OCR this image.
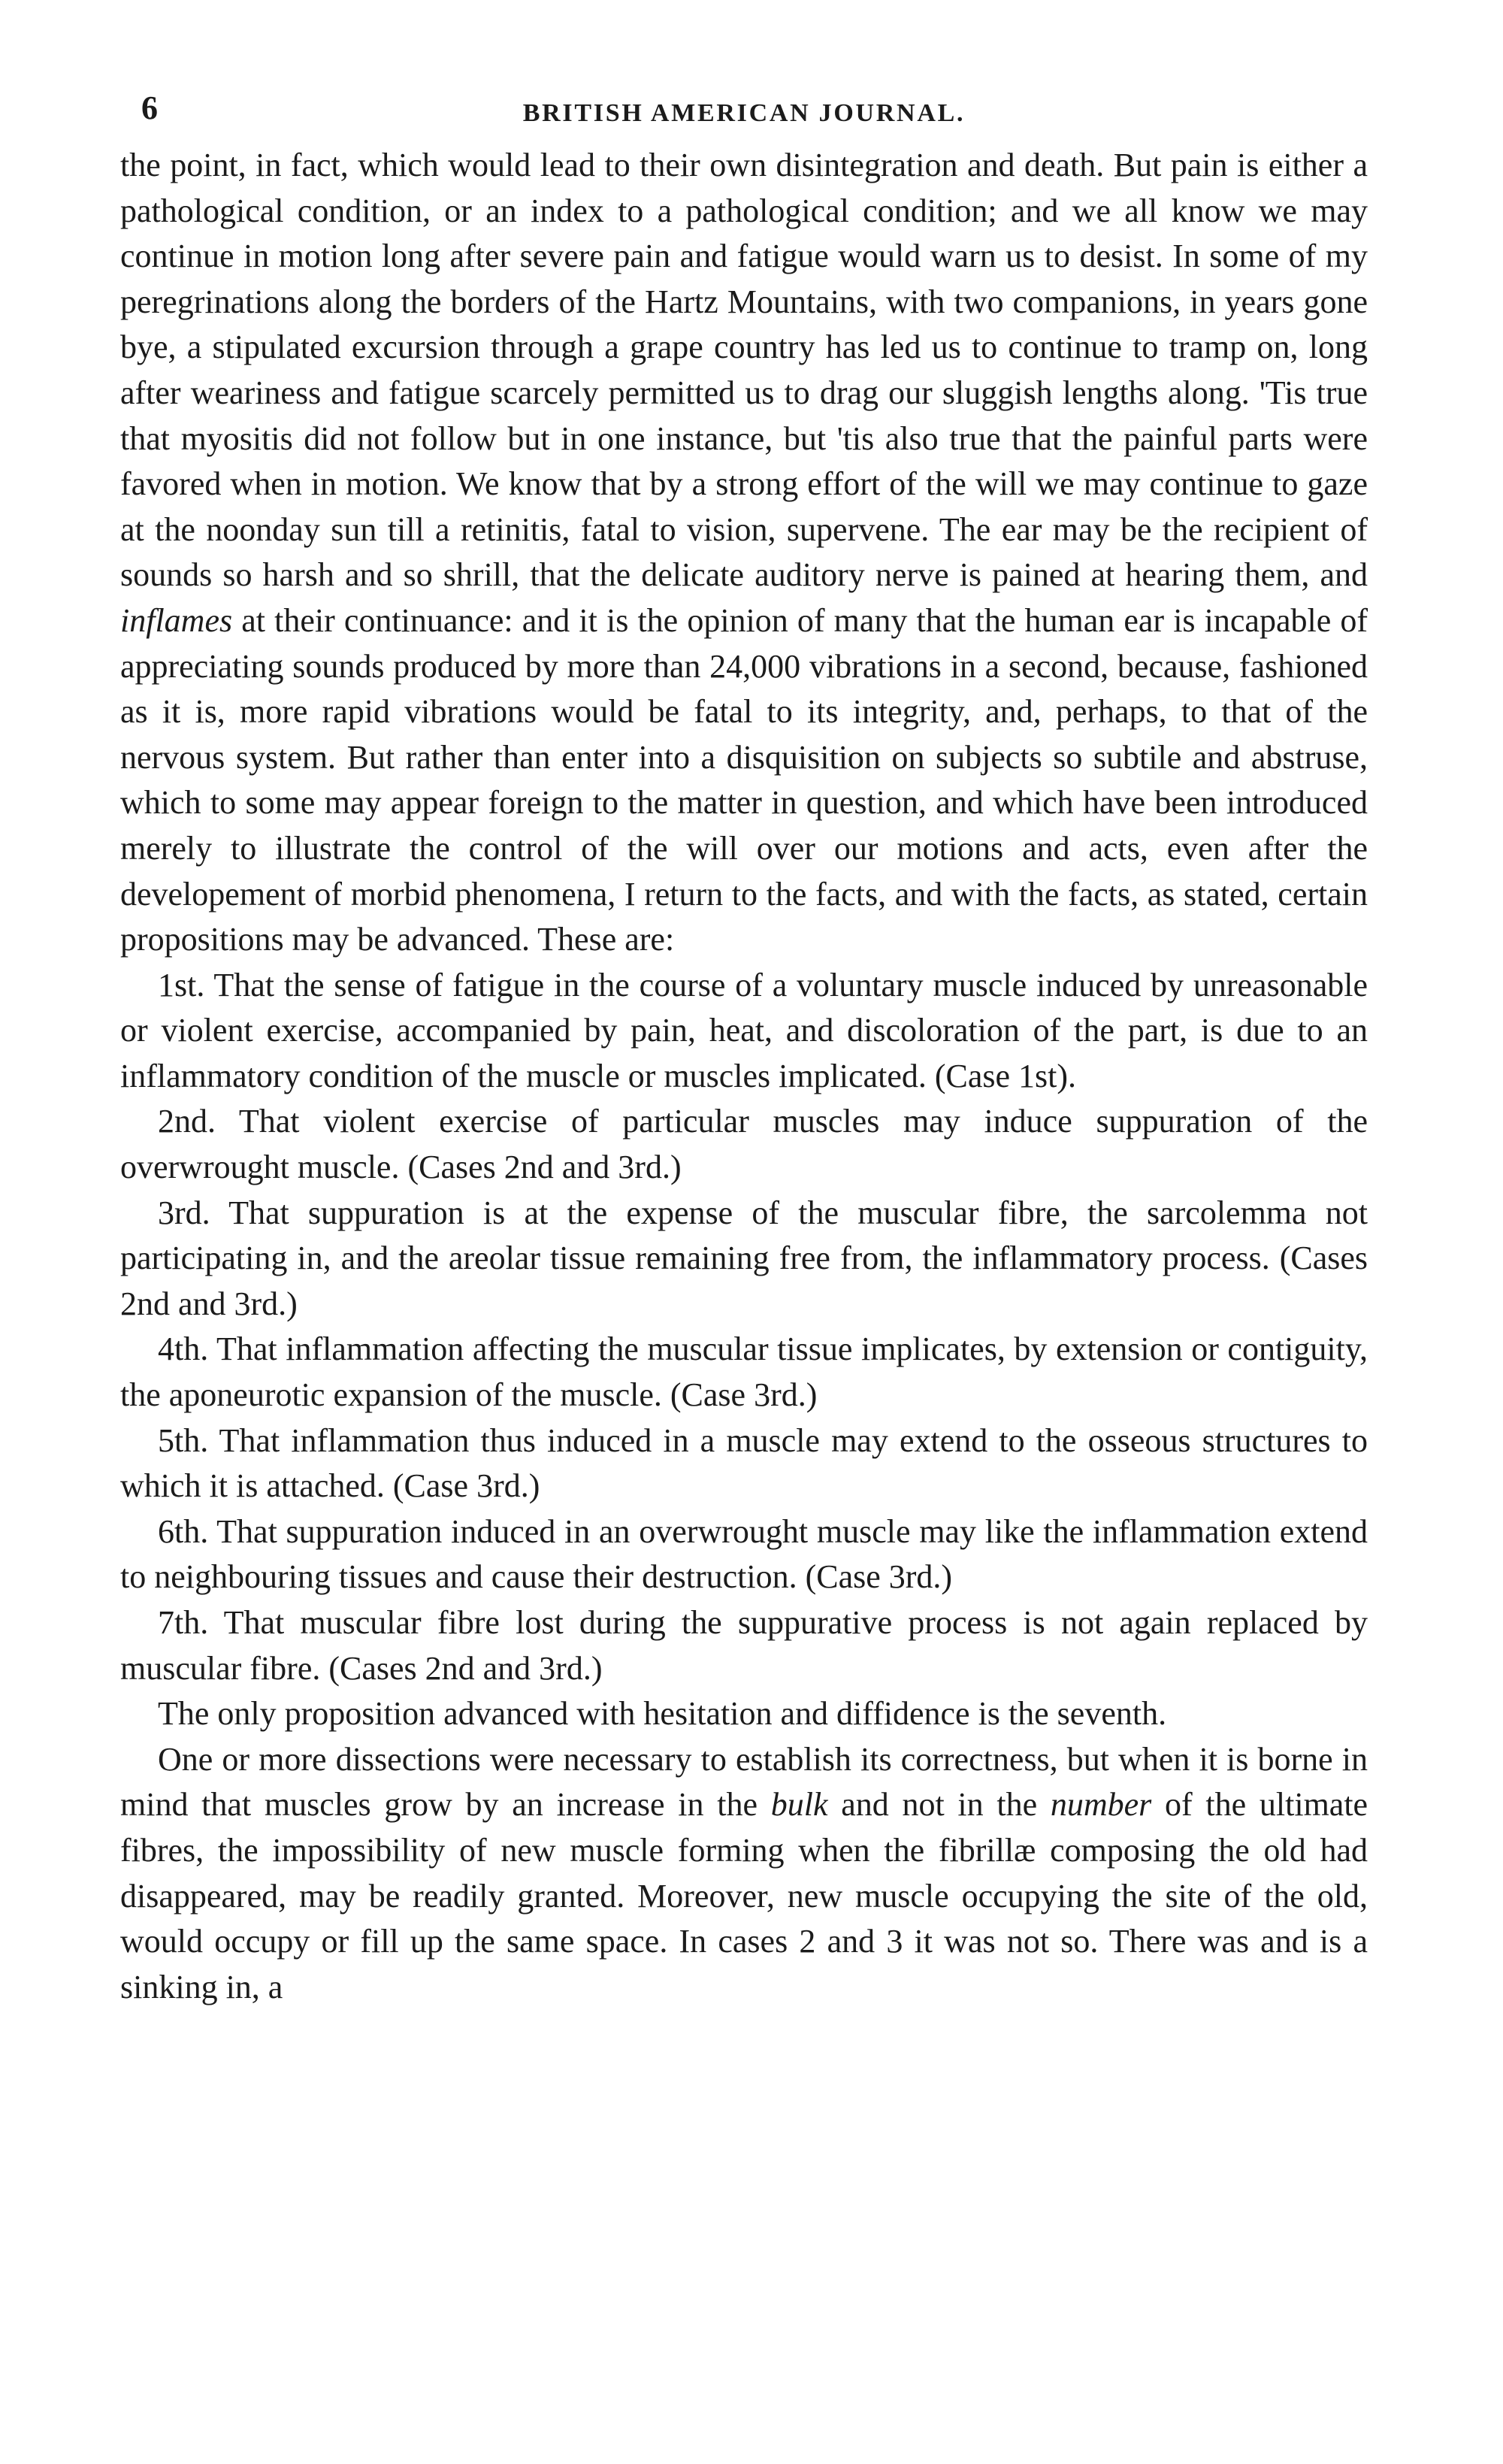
6	BRITISH AMERICAN JOURNAL.

the point, in fact, which would lead to their own disintegration and death. But pain is either a pathological condition, or an index to a pathological condition; and we all know we may continue in motion long after severe pain and fatigue would warn us to desist. In some of my peregrinations along the borders of the Hartz Mountains, with two companions, in years gone bye, a stipulated excursion through a grape country has led us to continue to tramp on, long after weariness and fatigue scarcely permitted us to drag our sluggish lengths along. 'Tis true that myositis did not follow but in one instance, but 'tis also true that the painful parts were favored when in motion. We know that by a strong effort of the will we may continue to gaze at the noonday sun till a retinitis, fatal to vision, supervene. The ear may be the recipient of sounds so harsh and so shrill, that the delicate auditory nerve is pained at hearing them, and inflames at their continuance: and it is the opinion of many that the human ear is incapable of appreciating sounds produced by more than 24,000 vibrations in a second, because, fashioned as it is, more rapid vibrations would be fatal to its integrity, and, perhaps, to that of the nervous system. But rather than enter into a disquisition on subjects so subtile and abstruse, which to some may appear foreign to the matter in question, and which have been introduced merely to illustrate the control of the will over our motions and acts, even after the developement of morbid phenomena, I return to the facts, and with the facts, as stated, certain propositions may be advanced. These are:

1st. That the sense of fatigue in the course of a voluntary muscle induced by unreasonable or violent exercise, accompanied by pain, heat, and discoloration of the part, is due to an inflammatory condition of the muscle or muscles implicated. (Case 1st).

2nd. That violent exercise of particular muscles may induce suppuration of the overwrought muscle. (Cases 2nd and 3rd.)

3rd. That suppuration is at the expense of the muscular fibre, the sarcolemma not participating in, and the areolar tissue remaining free from, the inflammatory process. (Cases 2nd and 3rd.)

4th. That inflammation affecting the muscular tissue implicates, by extension or contiguity, the aponeurotic expansion of the muscle. (Case 3rd.)

5th. That inflammation thus induced in a muscle may extend to the osseous structures to which it is attached. (Case 3rd.)

6th. That suppuration induced in an overwrought muscle may like the inflammation extend to neighbouring tissues and cause their destruction. (Case 3rd.)

7th. That muscular fibre lost during the suppurative process is not again replaced by muscular fibre. (Cases 2nd and 3rd.)

The only proposition advanced with hesitation and diffidence is the seventh.

One or more dissections were necessary to establish its correctness, but when it is borne in mind that muscles grow by an increase in the bulk and not in the number of the ultimate fibres, the impossibility of new muscle forming when the fibrillæ composing the old had disappeared, may be readily granted. Moreover, new muscle occupying the site of the old, would occupy or fill up the same space. In cases 2 and 3 it was not so. There was and is a sinking in, a
